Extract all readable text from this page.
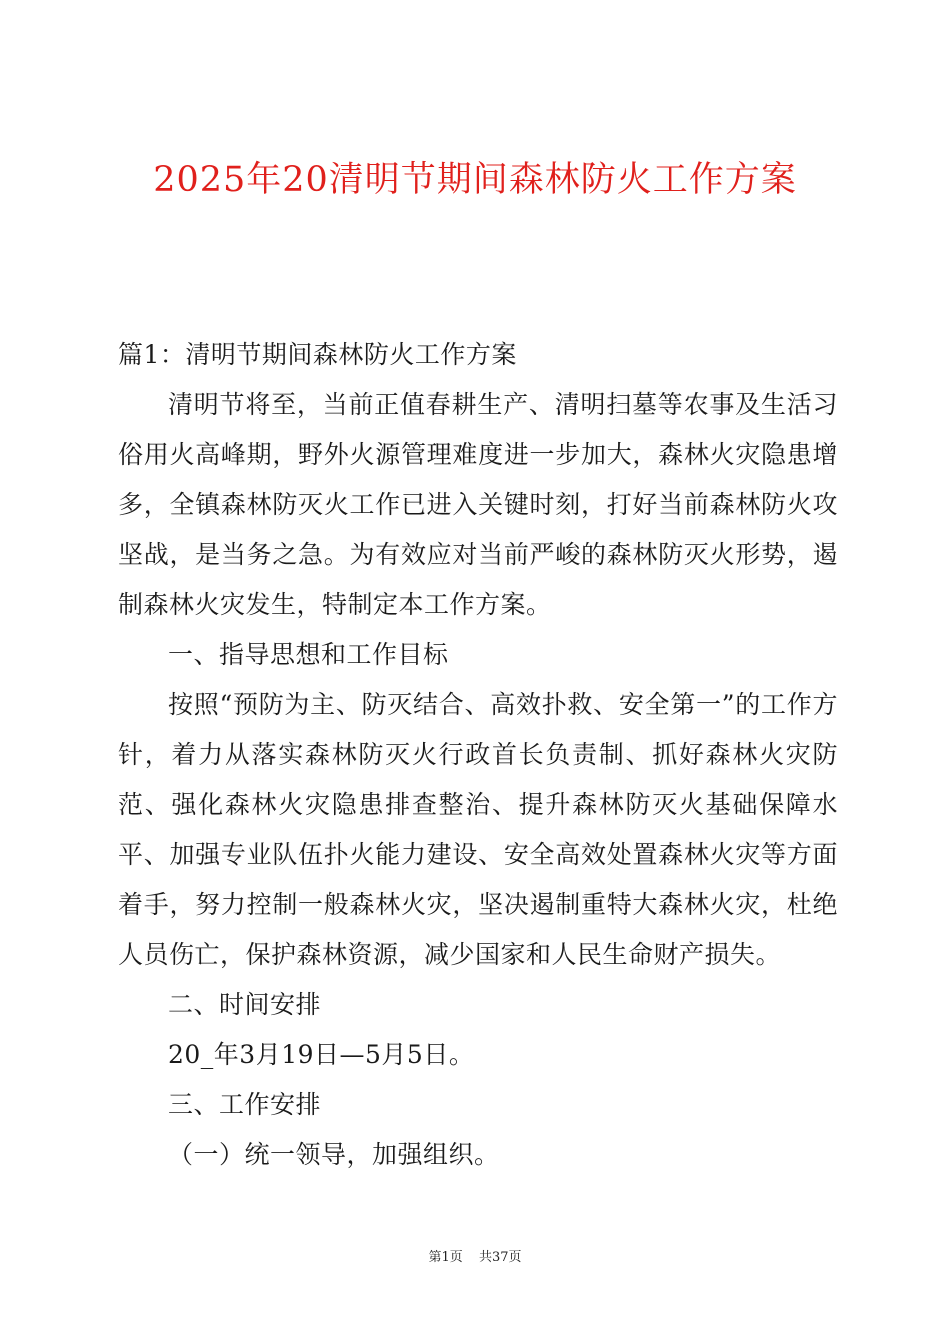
2025年20清明节期间森林防火工作方案
篇1：清明节期间森林防火工作方案

清明节将至，当前正值春耕生产、清明扫墓等农事及生活习俗用火高峰期，野外火源管理难度进一步加大，森林火灾隐患增多，全镇森林防灭火工作已进入关键时刻，打好当前森林防火攻坚战，是当务之急。为有效应对当前严峻的森林防灭火形势，遏制森林火灾发生，特制定本工作方案。

一、指导思想和工作目标

按照“预防为主、防灭结合、高效扑救、安全第一”的工作方针，着力从落实森林防灭火行政首长负责制、抓好森林火灾防范、强化森林火灾隐患排查整治、提升森林防灭火基础保障水平、加强专业队伍扑火能力建设、安全高效处置森林火灾等方面着手，努力控制一般森林火灾，坚决遏制重特大森林火灾，杜绝人员伤亡，保护森林资源，减少国家和人民生命财产损失。

二、时间安排
20_年3月19日—5月5日。
三、工作安排
（一）统一领导，加强组织。
第1页 共37页
